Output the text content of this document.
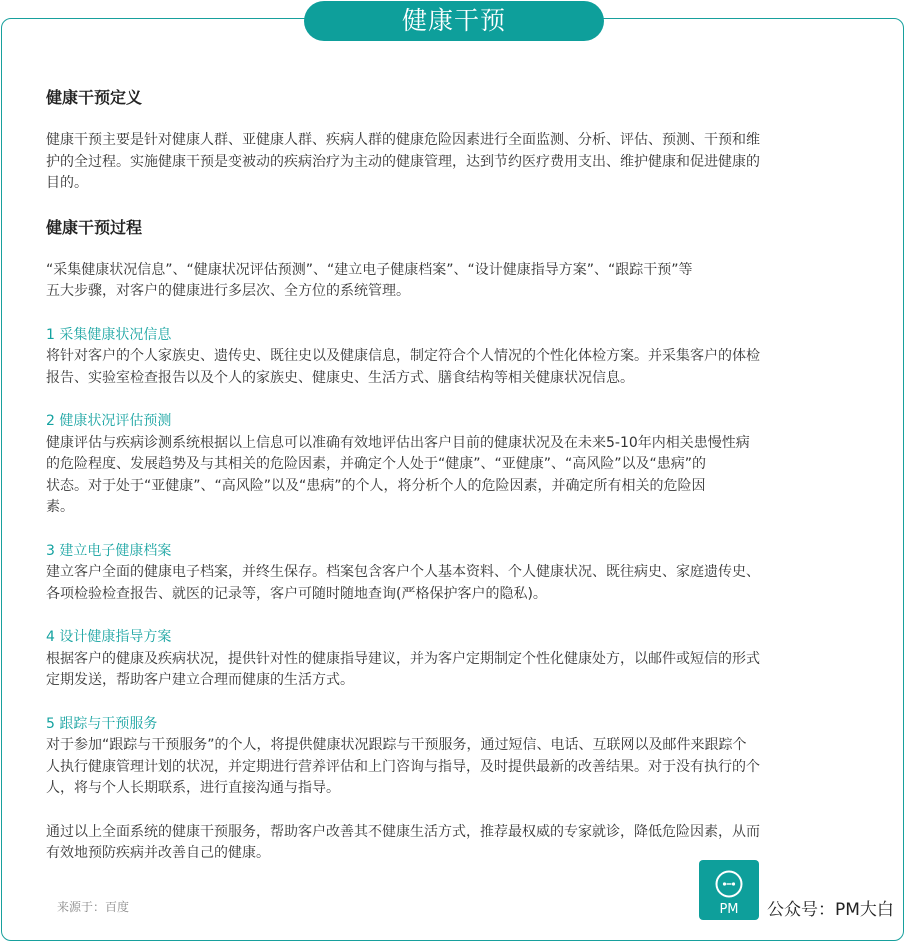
健康干预
健康干预定义

健康干预主要是针对健康人群、亚健康人群、疾病人群的健康危险因素进行全面监测、分析、评估、预测、干预和维

护的全过程。实施健康干预是变被动的疾病治疗为主动的健康管理，达到节约医疗费用支出、维护健康和促进健康的

目的。

健康干预过程

“采集健康状况信息”、“健康状况评估预测”、“建立电子健康档案”、“设计健康指导方案”、“跟踪干预”等

五大步骤，对客户的健康进行多层次、全方位的系统管理。

1 采集健康状况信息

将针对客户的个人家族史、遗传史、既往史以及健康信息，制定符合个人情况的个性化体检方案。并采集客户的体检

报告、实验室检查报告以及个人的家族史、健康史、生活方式、膳食结构等相关健康状况信息。

2 健康状况评估预测

健康评估与疾病诊测系统根据以上信息可以准确有效地评估出客户目前的健康状况及在未来5-10年内相关患慢性病

的危险程度、发展趋势及与其相关的危险因素，并确定个人处于“健康”、“亚健康”、“高风险”以及“患病”的

状态。对于处于“亚健康”、“高风险”以及“患病”的个人，将分析个人的危险因素，并确定所有相关的危险因

素。

3 建立电子健康档案

建立客户全面的健康电子档案，并终生保存。档案包含客户个人基本资料、个人健康状况、既往病史、家庭遗传史、

各项检验检查报告、就医的记录等，客户可随时随地查询(严格保护客户的隐私)。

4 设计健康指导方案

根据客户的健康及疾病状况，提供针对性的健康指导建议，并为客户定期制定个性化健康处方，以邮件或短信的形式

定期发送，帮助客户建立合理而健康的生活方式。

5 跟踪与干预服务

对于参加“跟踪与干预服务”的个人，将提供健康状况跟踪与干预服务，通过短信、电话、互联网以及邮件来跟踪个

人执行健康管理计划的状况，并定期进行营养评估和上门咨询与指导，及时提供最新的改善结果。对于没有执行的个

人，将与个人长期联系，进行直接沟通与指导。

通过以上全面系统的健康干预服务，帮助客户改善其不健康生活方式，推荐最权威的专家就诊，降低危险因素，从而

有效地预防疾病并改善自己的健康。

来源于：百度	PM	公众号：PM大白
